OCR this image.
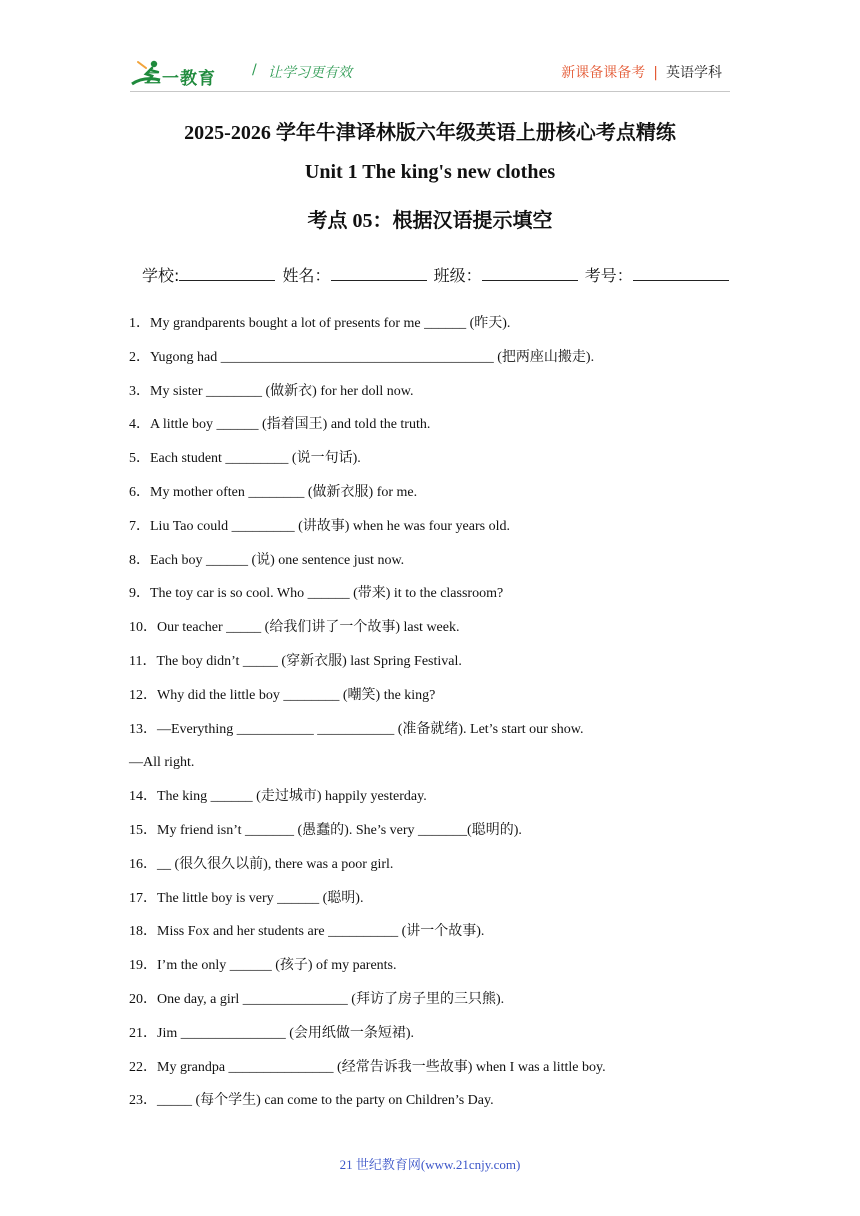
二一教育	/ 让学习更有效	新课备课备考 | 英语学科
2025-2026 学年牛津译林版六年级英语上册核心考点精练
Unit 1 The king's new clothes
考点 05：根据汉语提示填空
学校:	姓名：	班级：	考号：
1．My grandparents bought a lot of presents for me ______ (昨天).
2．Yugong had _______________________________________ (把两座山搬走).
3．My sister ________ (做新衣) for her doll now.
4．A little boy ______ (指着国王) and told the truth.
5．Each student _________ (说一句话).
6．My mother often ________ (做新衣服) for me.
7．Liu Tao could _________ (讲故事) when he was four years old.
8．Each boy ______ (说) one sentence just now.
9．The toy car is so cool. Who ______ (带来) it to the classroom?
10．Our teacher _____ (给我们讲了一个故事) last week.
11．The boy didn’t _____ (穿新衣服) last Spring Festival.
12．Why did the little boy ________ (嘲笑) the king?
13．—Everything ___________ ___________ (准备就绪). Let’s start our show.
—All right.
14．The king ______ (走过城市) happily yesterday.
15．My friend isn’t _______ (愚蠢的). She’s very _______(聪明的).
16．__ (很久很久以前), there was a poor girl.
17．The little boy is very ______ (聪明).
18．Miss Fox and her students are __________ (讲一个故事).
19．I’m the only ______ (孩子) of my parents.
20．One day, a girl _______________ (拜访了房子里的三只熊).
21．Jim _______________ (会用纸做一条短裙).
22．My grandpa _______________ (经常告诉我一些故事) when I was a little boy.
23．_____ (每个学生) can come to the party on Children’s Day.
21 世纪教育网(www.21cnjy.com)
